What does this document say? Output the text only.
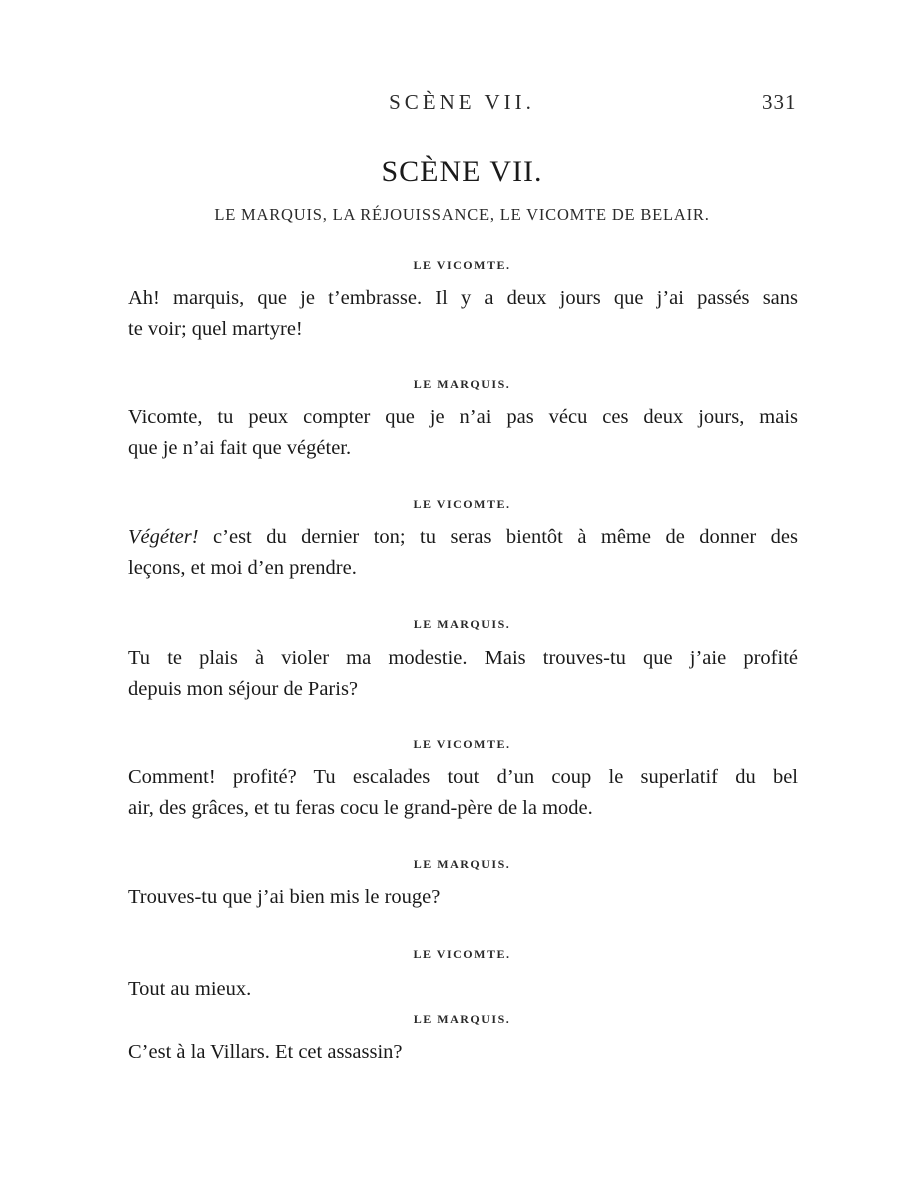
SCÈNE VII.	331
SCÈNE VII.
LE MARQUIS, LA RÉJOUISSANCE, LE VICOMTE DE BELAIR.
LE VICOMTE.
Ah! marquis, que je t’embrasse. Il y a deux jours que j’ai passés sans
te voir; quel martyre!
LE MARQUIS.
Vicomte, tu peux compter que je n’ai pas vécu ces deux jours, mais
que je n’ai fait que végéter.
LE VICOMTE.
Végéter! c’est du dernier ton; tu seras bientôt à même de donner des
leçons, et moi d’en prendre.
LE MARQUIS.
Tu te plais à violer ma modestie. Mais trouves-tu que j’aie profité
depuis mon séjour de Paris?
LE VICOMTE.
Comment! profité? Tu escalades tout d’un coup le superlatif du bel
air, des grâces, et tu feras cocu le grand-père de la mode.
LE MARQUIS.
Trouves-tu que j’ai bien mis le rouge?
LE VICOMTE.
Tout au mieux.
LE MARQUIS.
C’est à la Villars. Et cet assassin?
